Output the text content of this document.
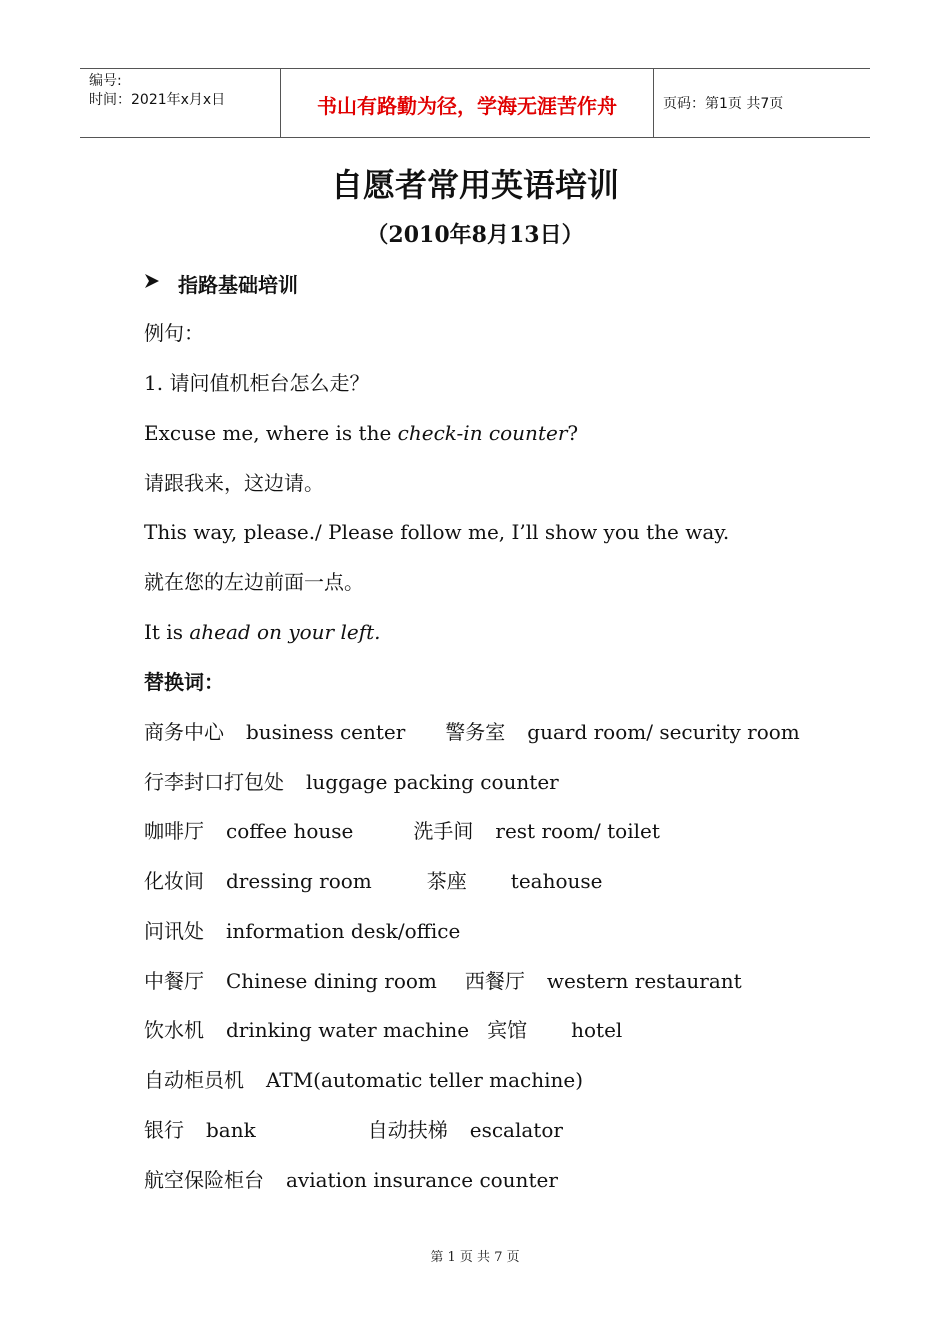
编号:
时间：2021年x月x日	书山有路勤为径，学海无涯苦作舟	页码：第1页 共7页
自愿者常用英语培训
（2010年8月13日）
指路基础培训
例句：
1. 请问值机柜台怎么走？
Excuse me, where is the check-in counter?
请跟我来，这边请。
This way, please./ Please follow me, I’ll show you the way.
就在您的左边前面一点。
It is ahead on your left.
替换词：
商务中心 business center 警务室 guard room/ security room
行李封口打包处 luggage packing counter
咖啡厅 coffee house	洗手间 rest room/ toilet
化妆间 dressing room	茶座 teahouse
问讯处 information desk/office
中餐厅 Chinese dining room 西餐厅 western restaurant
饮水机 drinking water machine 宾馆 hotel
自动柜员机 ATM(automatic teller machine)
银行 bank	自动扶梯 escalator
航空保险柜台 aviation insurance counter
第 1 页 共 7 页
